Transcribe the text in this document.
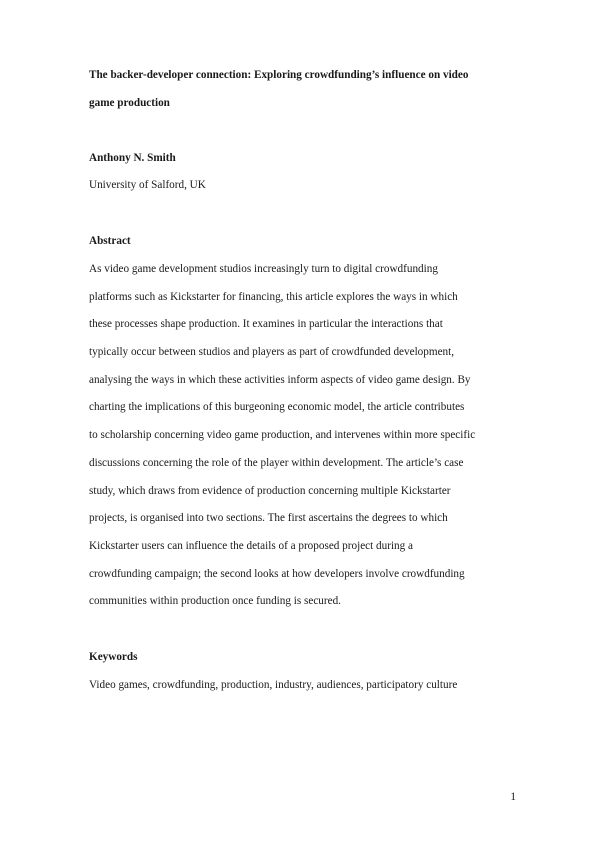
The backer-developer connection: Exploring crowdfunding’s influence on video
game production
Anthony N. Smith
University of Salford, UK
Abstract
As video game development studios increasingly turn to digital crowdfunding
platforms such as Kickstarter for financing, this article explores the ways in which
these processes shape production. It examines in particular the interactions that
typically occur between studios and players as part of crowdfunded development,
analysing the ways in which these activities inform aspects of video game design. By
charting the implications of this burgeoning economic model, the article contributes
to scholarship concerning video game production, and intervenes within more specific
discussions concerning the role of the player within development. The article’s case
study, which draws from evidence of production concerning multiple Kickstarter
projects, is organised into two sections. The first ascertains the degrees to which
Kickstarter users can influence the details of a proposed project during a
crowdfunding campaign; the second looks at how developers involve crowdfunding
communities within production once funding is secured.
Keywords
Video games, crowdfunding, production, industry, audiences, participatory culture
1
